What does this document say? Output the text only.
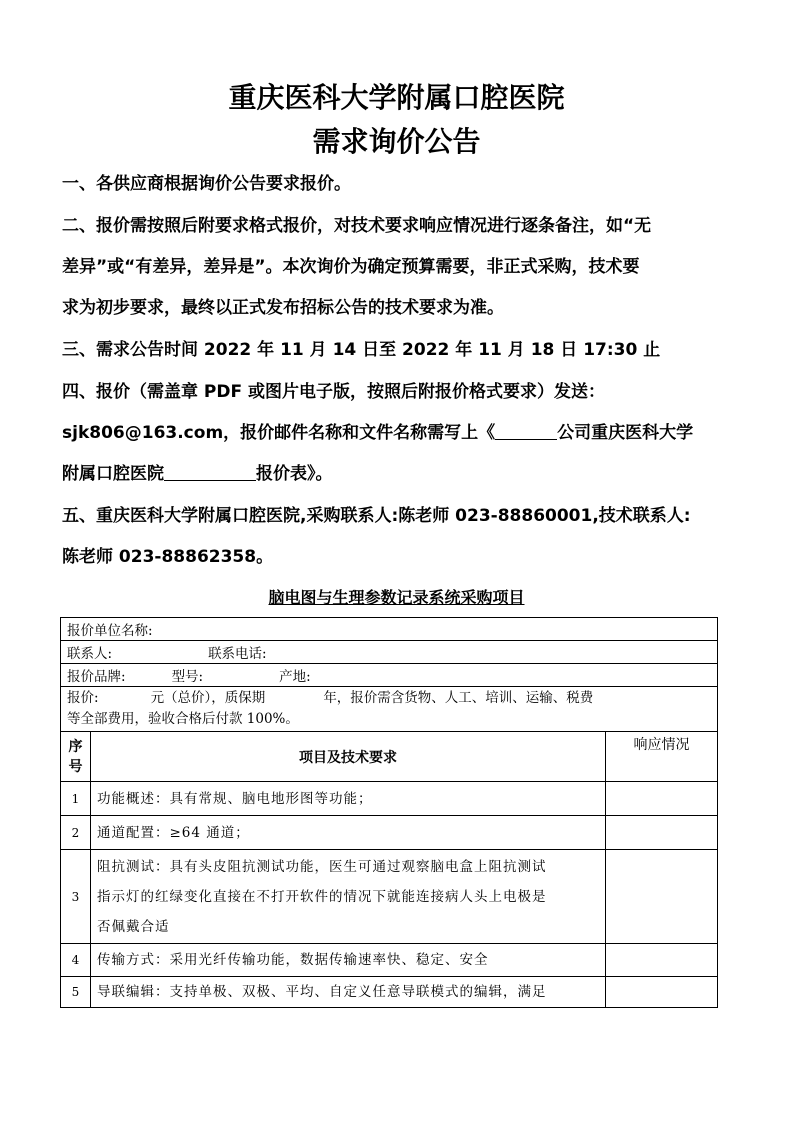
重庆医科大学附属口腔医院
需求询价公告
一、各供应商根据询价公告要求报价。
二、报价需按照后附要求格式报价，对技术要求响应情况进行逐条备注，如“无
差异”或“有差异，差异是”。本次询价为确定预算需要，非正式采购，技术要
求为初步要求，最终以正式发布招标公告的技术要求为准。
三、需求公告时间 2022 年 11 月 14 日至 2022 年 11 月 18 日 17:30 止
四、报价（需盖章 PDF 或图片电子版，按照后附报价格式要求）发送：
sjk806@163.com，报价邮件名称和文件名称需写上《	公司重庆医科大学
附属口腔医院	报价表》。
五、重庆医科大学附属口腔医院,采购联系人:陈老师 023-88860001,技术联系人:
陈老师 023-88862358。
脑电图与生理参数记录系统采购项目
报价单位名称:		
联系人: 联系电话:		
报价品牌: 型号: 产地:		
报价: 元（总价），质保期 年，报价需含货物、人工、培训、运输、税费
等全部费用，验收合格后付款 100%。		
序
号	项目及技术要求	响应情况
1	功能概述：具有常规、脑电地形图等功能；	
2	通道配置：≥64 通道；	
3	阻抗测试：具有头皮阻抗测试功能，医生可通过观察脑电盒上阻抗测试
指示灯的红绿变化直接在不打开软件的情况下就能连接病人头上电极是
否佩戴合适	
4	传输方式：采用光纤传输功能，数据传输速率快、稳定、安全	
5	导联编辑：支持单极、双极、平均、自定义任意导联模式的编辑，满足	
